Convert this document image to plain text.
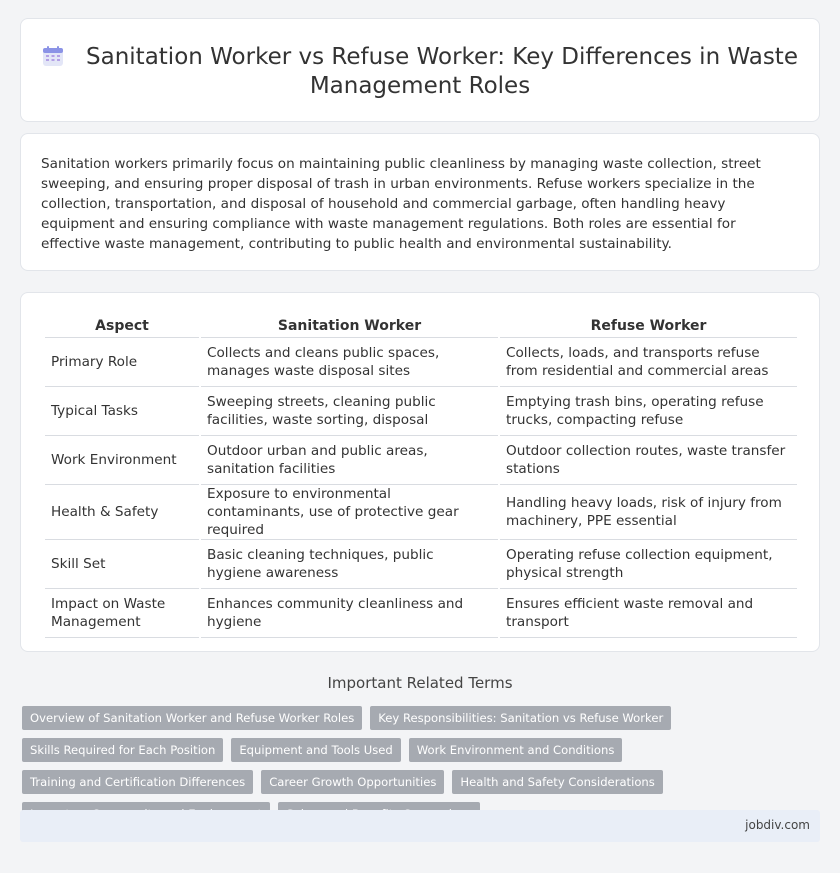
Sanitation Worker vs Refuse Worker: Key Differences in Waste Management Roles

Sanitation workers primarily focus on maintaining public cleanliness by managing waste collection, street sweeping, and ensuring proper disposal of trash in urban environments. Refuse workers specialize in the collection, transportation, and disposal of household and commercial garbage, often handling heavy equipment and ensuring compliance with waste management regulations. Both roles are essential for effective waste management, contributing to public health and environmental sustainability.

Aspect	Sanitation Worker	Refuse Worker
Primary Role	Collects and cleans public spaces, manages waste disposal sites	Collects, loads, and transports refuse from residential and commercial areas
Typical Tasks	Sweeping streets, cleaning public facilities, waste sorting, disposal	Emptying trash bins, operating refuse trucks, compacting refuse
Work Environment	Outdoor urban and public areas, sanitation facilities	Outdoor collection routes, waste transfer stations
Health & Safety	Exposure to environmental contaminants, use of protective gear required	Handling heavy loads, risk of injury from machinery, PPE essential
Skill Set	Basic cleaning techniques, public hygiene awareness	Operating refuse collection equipment, physical strength
Impact on Waste Management	Enhances community cleanliness and hygiene	Ensures efficient waste removal and transport
Important Related Terms
Overview of Sanitation Worker and Refuse Worker Roles	Key Responsibilities: Sanitation vs Refuse Worker
Skills Required for Each Position	Equipment and Tools Used	Work Environment and Conditions
Training and Certification Differences	Career Growth Opportunities	Health and Safety Considerations
jobdiv.com
